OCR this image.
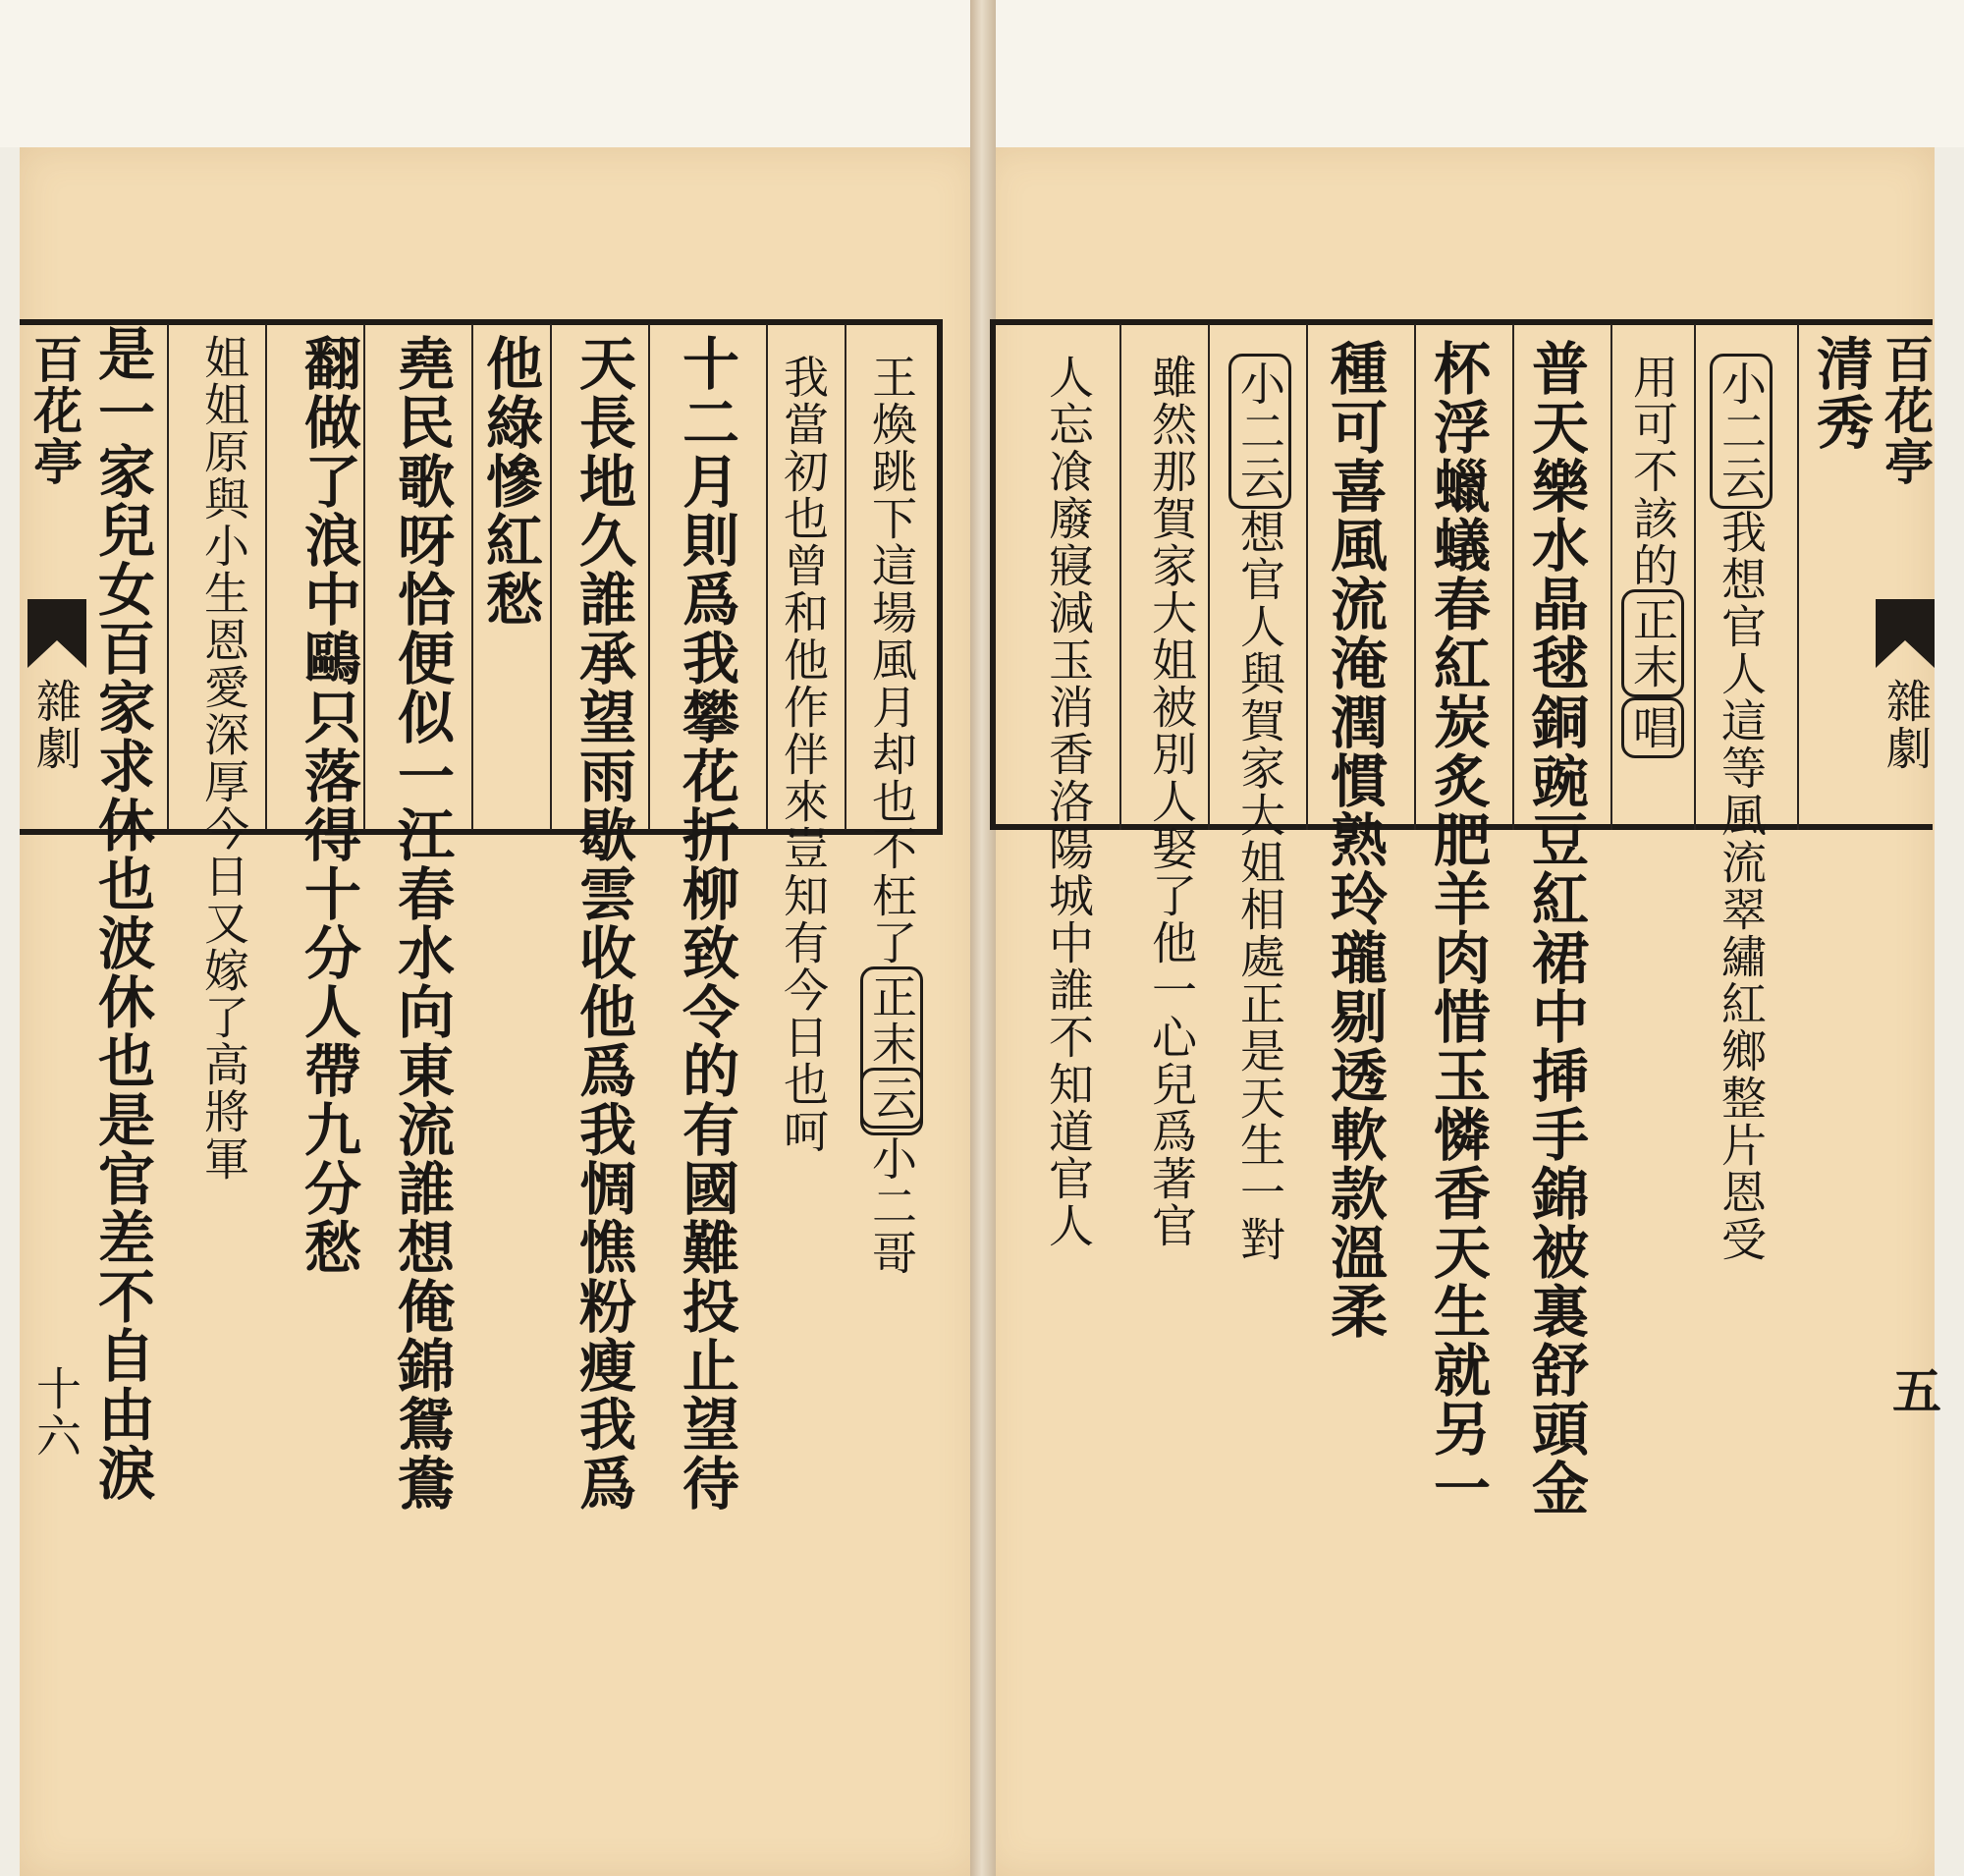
百花亭
雜劇
十六 是一家兒女百家求休也波休也是官差不自由淚 姐姐原與小生恩愛深厚今日又嫁了高將軍 翻做了浪中鷗只落得十分人帶九分愁 堯民歌呀恰便似一江春水向東流誰想俺錦鴛鴦 他綠慘紅愁 天長地久誰承望雨歇雲收他爲我惆憔粉瘦我爲 十二月則爲我攀花折柳致令的有國難投止望待 我當初也曾和他作伴來豈知有今日也呵 王煥跳下這場風月却也不枉了正末云小二哥	人忘飡廢寢減玉消香洛陽城中誰不知道官人 雖然那賀家大姐被別人娶了他一心兒爲著官 小二云想官人與賀家大姐相處正是天生一對 種可喜風流淹潤慣熟玲瓏剔透軟款溫柔 杯浮蠟蟻春紅炭炙肥羊肉惜玉憐香天生就另一 普天樂水晶毬銅豌豆紅裙中揷手錦被裏舒頭金 用可不該的正末唱
小二云我想官人這等風流翠繡紅鄉整片恩受
清秀 百花亭
雜劇
五
